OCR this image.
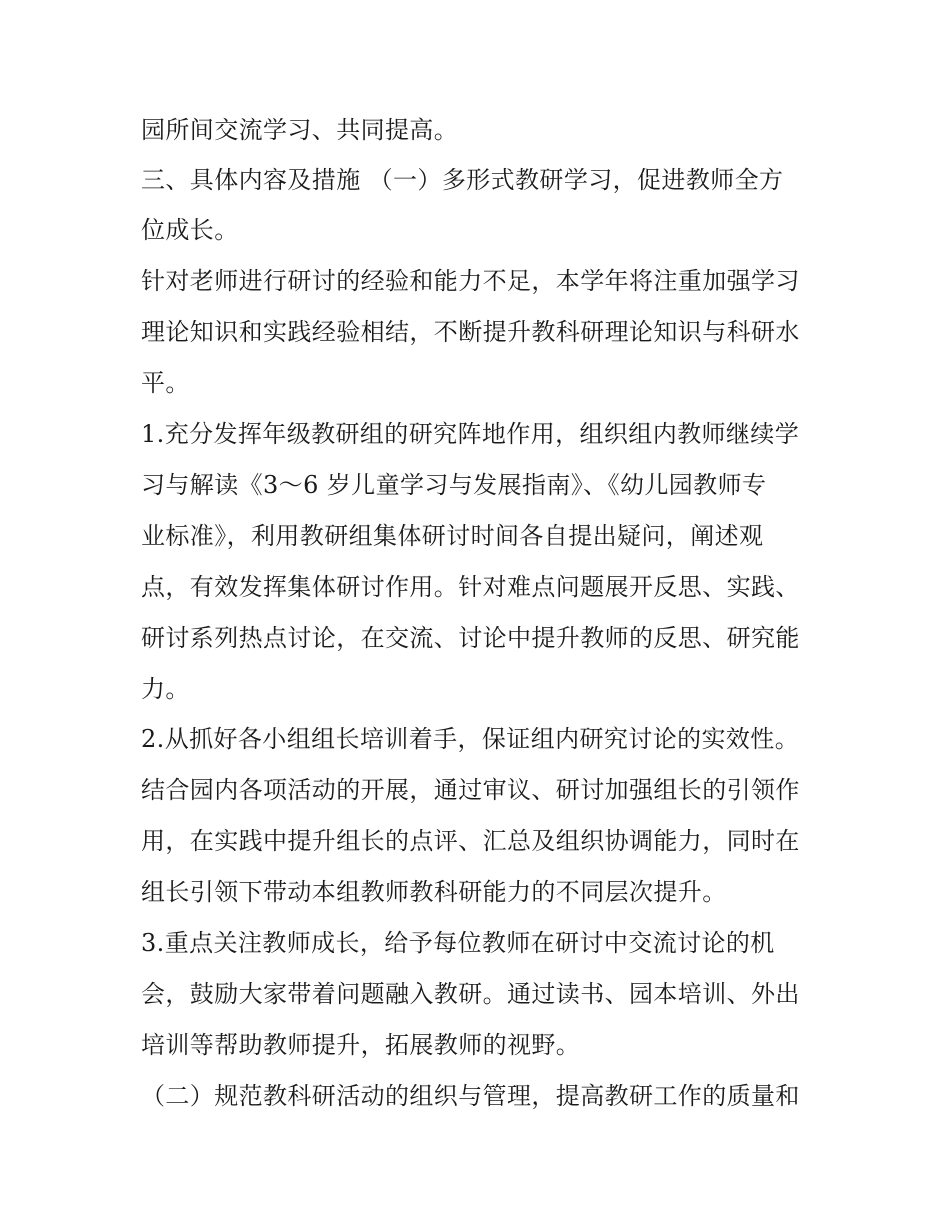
园所间交流学习、共同提高。
三、具体内容及措施 （一）多形式教研学习，促进教师全方
位成长。
针对老师进行研讨的经验和能力不足，本学年将注重加强学习
理论知识和实践经验相结，不断提升教科研理论知识与科研水
平。
1.充分发挥年级教研组的研究阵地作用，组织组内教师继续学
习与解读《3～6 岁儿童学习与发展指南》、《幼儿园教师专
业标准》，利用教研组集体研讨时间各自提出疑问，阐述观
点，有效发挥集体研讨作用。针对难点问题展开反思、实践、
研讨系列热点讨论，在交流、讨论中提升教师的反思、研究能
力。
2.从抓好各小组组长培训着手，保证组内研究讨论的实效性。
结合园内各项活动的开展，通过审议、研讨加强组长的引领作
用，在实践中提升组长的点评、汇总及组织协调能力，同时在
组长引领下带动本组教师教科研能力的不同层次提升。
3.重点关注教师成长，给予每位教师在研讨中交流讨论的机
会，鼓励大家带着问题融入教研。通过读书、园本培训、外出
培训等帮助教师提升，拓展教师的视野。
（二）规范教科研活动的组织与管理，提高教研工作的质量和
